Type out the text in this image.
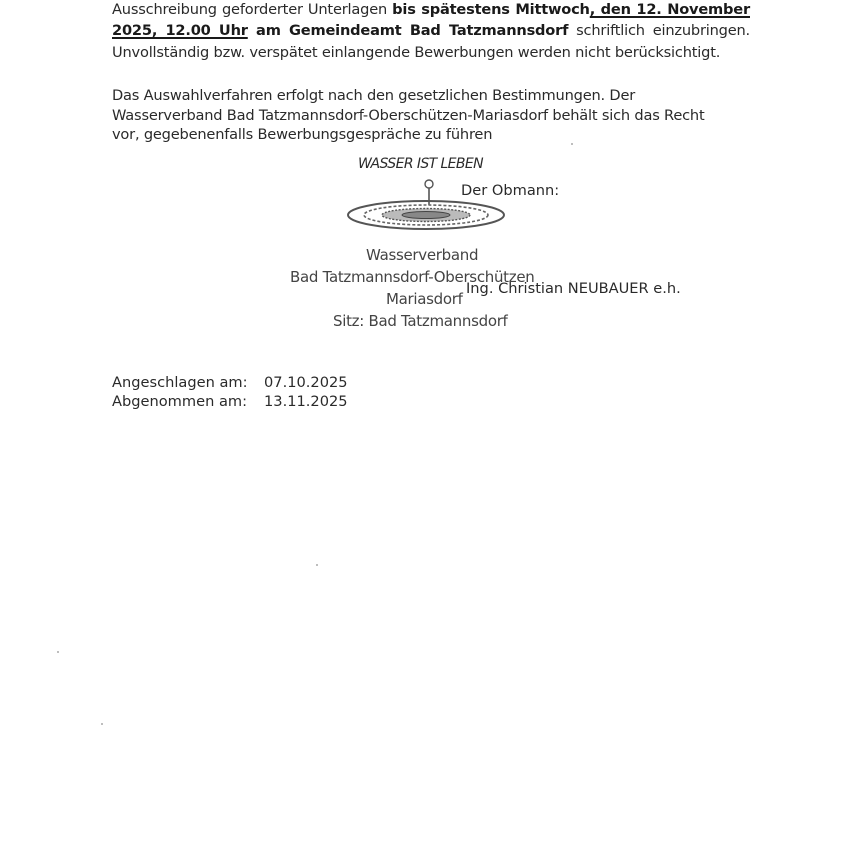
Ausschreibung geforderter Unterlagen bis spätestens Mittwoch, den 12. November
2025, 12.00 Uhr am Gemeindeamt Bad Tatzmannsdorf schriftlich einzubringen.
Unvollständig bzw. verspätet einlangende Bewerbungen werden nicht berücksichtigt.
Das Auswahlverfahren erfolgt nach den gesetzlichen Bestimmungen. Der
Wasserverband Bad Tatzmannsdorf-Oberschützen-Mariasdorf behält sich das Recht
vor, gegebenenfalls Bewerbungsgespräche zu führen
WASSER IST LEBEN
Der Obmann:
Wasserverband
Bad Tatzmannsdorf-Oberschützen
Ing. Christian NEUBAUER e.h.
Mariasdorf
Sitz: Bad Tatzmannsdorf
Angeschlagen am: 07.10.2025
Abgenommen am: 13.11.2025
